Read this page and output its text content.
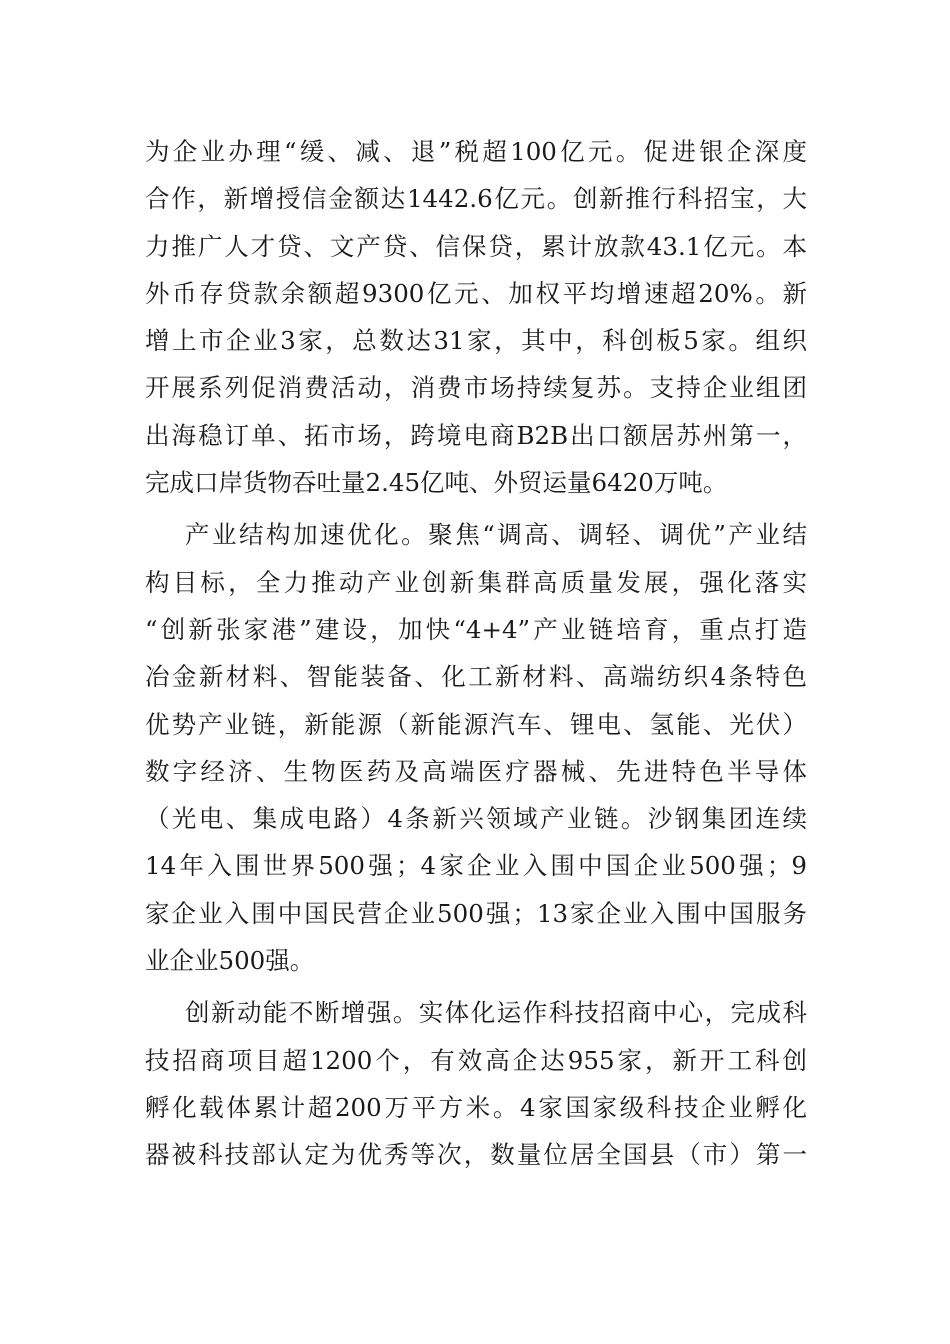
为企业办理“缓、减、退”税超100亿元。促进银企深度
合作，新增授信金额达1442.6亿元。创新推行科招宝，大
力推广人才贷、文产贷、信保贷，累计放款43.1亿元。本
外币存贷款余额超9300亿元、加权平均增速超20%。新
增上市企业3家，总数达31家，其中，科创板5家。组织
开展系列促消费活动，消费市场持续复苏。支持企业组团
出海稳订单、拓市场，跨境电商B2B出口额居苏州第一，
完成口岸货物吞吐量2.45亿吨、外贸运量6420万吨。
产业结构加速优化。聚焦“调高、调轻、调优”产业结
构目标，全力推动产业创新集群高质量发展，强化落实
“创新张家港”建设，加快“4+4”产业链培育，重点打造
冶金新材料、智能装备、化工新材料、高端纺织4条特色
优势产业链，新能源（新能源汽车、锂电、氢能、光伏）
数字经济、生物医药及高端医疗器械、先进特色半导体
（光电、集成电路）4条新兴领域产业链。沙钢集团连续
14年入围世界500强；4家企业入围中国企业500强；9
家企业入围中国民营企业500强；13家企业入围中国服务
业企业500强。
创新动能不断增强。实体化运作科技招商中心，完成科
技招商项目超1200个，有效高企达955家，新开工科创
孵化载体累计超200万平方米。4家国家级科技企业孵化
器被科技部认定为优秀等次，数量位居全国县（市）第一
